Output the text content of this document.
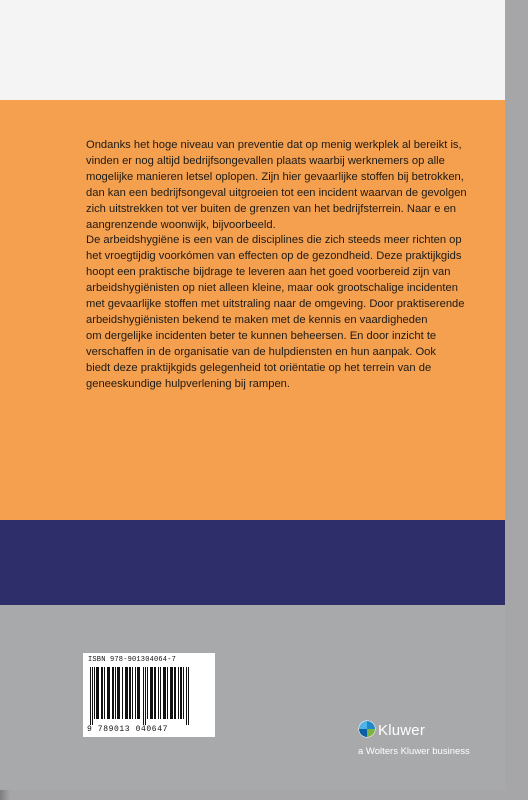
Ondanks het hoge niveau van preventie dat op menig werkplek al bereikt is,

vinden er nog altijd bedrijfsongevallen plaats waarbij werknemers op alle

mogelijke manieren letsel oplopen. Zijn hier gevaarlijke stoffen bij betrokken,

dan kan een bedrijfsongeval uitgroeien tot een incident waarvan de gevolgen

zich uitstrekken tot ver buiten de grenzen van het bedrijfsterrein. Naar e en

aangrenzende woonwijk, bijvoorbeeld.

De arbeidshygiëne is een van de disciplines die zich steeds meer richten op

het vroegtijdig voorkómen van effecten op de gezondheid. Deze praktijkgids

hoopt een praktische bijdrage te leveren aan het goed voorbereid zijn van

arbeidshygiënisten op niet alleen kleine, maar ook grootschalige incidenten

met gevaarlijke stoffen met uitstraling naar de omgeving. Door praktiserende

arbeidshygiënisten bekend te maken met de kennis en vaardigheden

om dergelijke incidenten beter te kunnen beheersen. En door inzicht te

verschaffen in de organisatie van de hulpdiensten en hun aanpak. Ook

biedt deze praktijkgids gelegenheid tot oriëntatie op het terrein van de

geneeskundige hulpverlening bij rampen.

ISBN 978-901304064-7
9 789013 040647	Kluwer
a Wolters Kluwer business
